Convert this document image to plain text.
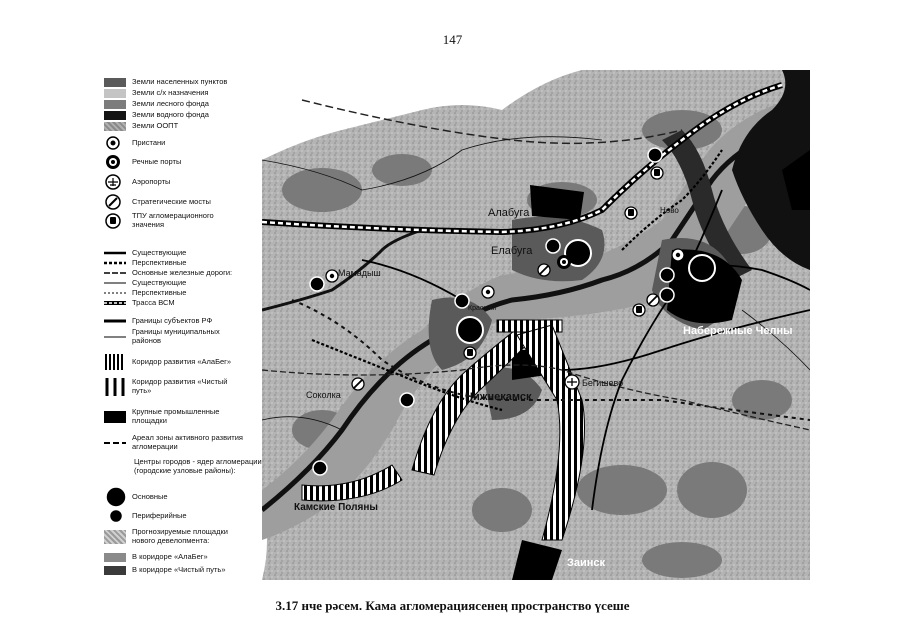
147
Земли населенных пунктов
Земли с/х назначения
Земли лесного фонда
Земли водного фонда
Земли ООПТ
Пристани
Речные порты
Аэропорты
Стратегические мосты
ТПУ агломерационного значения
Существующие
Перспективные
Основные железные дороги:
Существующие
Перспективные
Трасса ВСМ
Границы субъектов РФ
Границы муниципальных районов
Коридор развития «АлаБег»
Коридор развития «Чистый путь»
Крупные промышленные площадки
Ареал зоны активного развития агломерации
Центры городов - ядер агломерации (городские узловые районы):
Основные
Периферийные
Прогнозируемые площадки нового девелопмента:
В коридоре «АлаБег»
В коридоре «Чистый путь»
Алабуга
Елабуга
Набережные Челны
Нижнекамск
Бегишево
Мамадыш
Соколка
Камские Поляны
Заинск
Красный
Ново
3.17 нче рәсем. Кама агломерациясенең пространство үсеше
